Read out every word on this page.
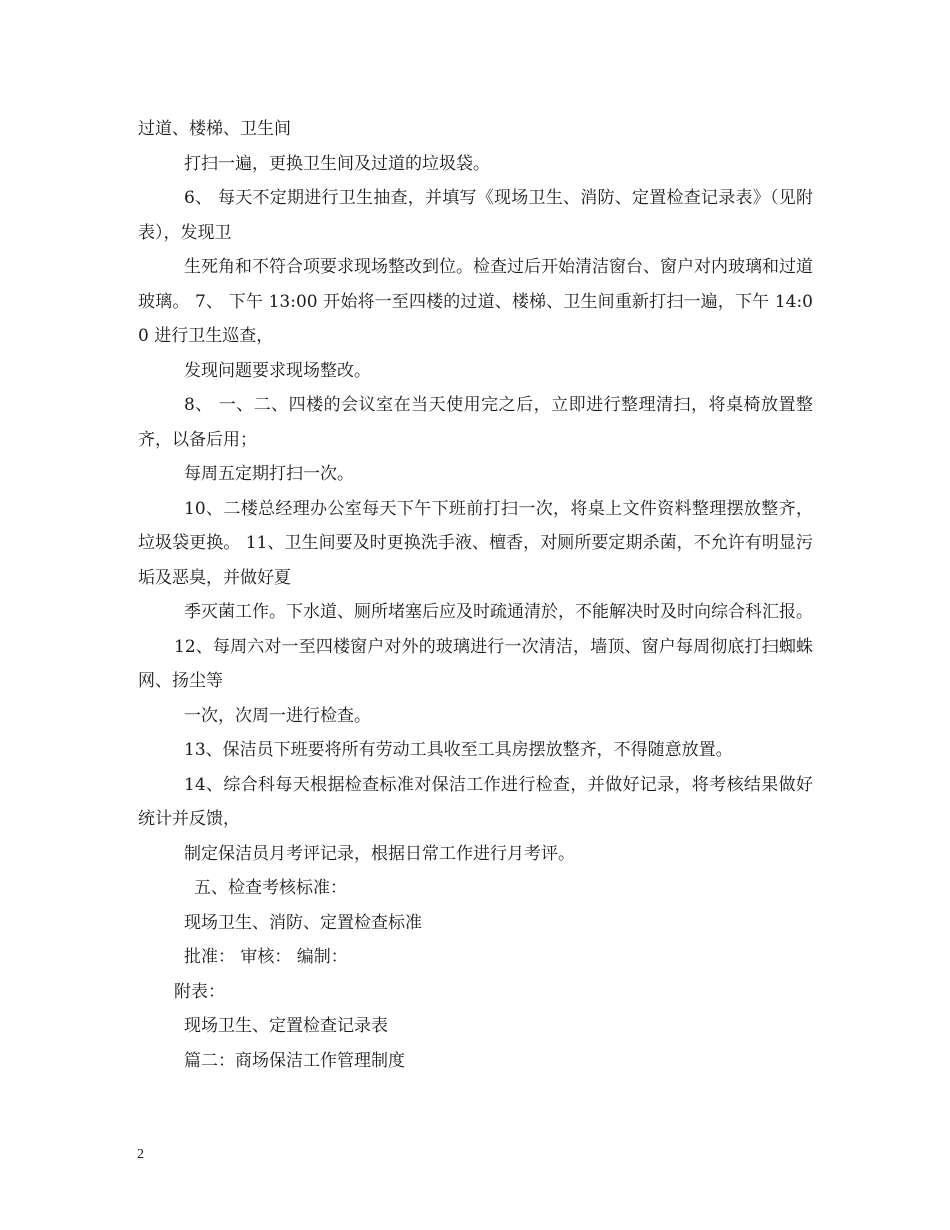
过道、楼梯、卫生间

打扫一遍，更换卫生间及过道的垃圾袋。

6、 每天不定期进行卫生抽查，并填写《现场卫生、消防、定置检查记录表》（见附表），发现卫

生死角和不符合项要求现场整改到位。检查过后开始清洁窗台、窗户对内玻璃和过道玻璃。 7、 下午 13:00 开始将一至四楼的过道、楼梯、卫生间重新打扫一遍，下午 14:00 进行卫生巡查，

发现问题要求现场整改。

8、 一、二、四楼的会议室在当天使用完之后，立即进行整理清扫，将桌椅放置整齐，以备后用；

每周五定期打扫一次。

10、二楼总经理办公室每天下午下班前打扫一次，将桌上文件资料整理摆放整齐，垃圾袋更换。 11、卫生间要及时更换洗手液、檀香，对厕所要定期杀菌，不允许有明显污垢及恶臭，并做好夏

季灭菌工作。下水道、厕所堵塞后应及时疏通清於，不能解决时及时向综合科汇报。

12、每周六对一至四楼窗户对外的玻璃进行一次清洁，墙顶、窗户每周彻底打扫蜘蛛网、扬尘等

一次，次周一进行检查。

13、保洁员下班要将所有劳动工具收至工具房摆放整齐，不得随意放置。

14、综合科每天根据检查标准对保洁工作进行检查，并做好记录，将考核结果做好统计并反馈，

制定保洁员月考评记录，根据日常工作进行月考评。

五、检查考核标准：

现场卫生、消防、定置检查标准

批准： 审核： 编制：

附表：

现场卫生、定置检查记录表

篇二：商场保洁工作管理制度

2
